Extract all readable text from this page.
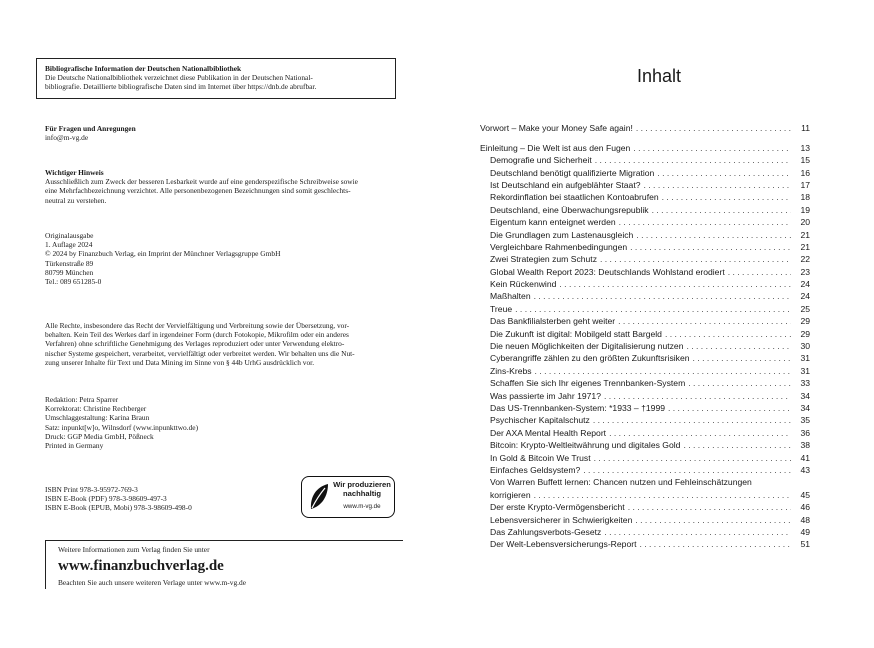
Bibliografische Information der Deutschen Nationalbibliothek
Die Deutsche Nationalbibliothek verzeichnet diese Publikation in der Deutschen National-
bibliografie. Detaillierte bibliografische Daten sind im Internet über https://dnb.de abrufbar.
Für Fragen und Anregungen
info@m-vg.de
Wichtiger Hinweis
Ausschließlich zum Zweck der besseren Lesbarkeit wurde auf eine genderspezifische Schreibweise sowie
eine Mehrfachbezeichnung verzichtet. Alle personenbezogenen Bezeichnungen sind somit geschlechts-
neutral zu verstehen.
Originalausgabe
1. Auflage 2024
© 2024 by Finanzbuch Verlag, ein Imprint der Münchner Verlagsgruppe GmbH
Türkenstraße 89
80799 München
Tel.: 089 651285-0
Alle Rechte, insbesondere das Recht der Vervielfältigung und Verbreitung sowie der Übersetzung, vor-
behalten. Kein Teil des Werkes darf in irgendeiner Form (durch Fotokopie, Mikrofilm oder ein anderes
Verfahren) ohne schriftliche Genehmigung des Verlages reproduziert oder unter Verwendung elektro-
nischer Systeme gespeichert, verarbeitet, vervielfältigt oder verbreitet werden. Wir behalten uns die Nut-
zung unserer Inhalte für Text und Data Mining im Sinne von § 44b UrhG ausdrücklich vor.
Redaktion: Petra Sparrer
Korrektorat: Christine Rechberger
Umschlaggestaltung: Karina Braun
Satz: inpunkt[w]o, Wilnsdorf (www.inpunkttwo.de)
Druck: GGP Media GmbH, Pößneck
Printed in Germany
ISBN Print 978-3-95972-769-3
ISBN E-Book (PDF) 978-3-98609-497-3
ISBN E-Book (EPUB, Mobi) 978-3-98609-498-0
Wir produzieren
nachhaltig
www.m-vg.de
Weitere Informationen zum Verlag finden Sie unter
www.finanzbuchverlag.de
Beachten Sie auch unsere weiteren Verlage unter www.m-vg.de
Inhalt
Vorwort – Make your Money Safe again! . . .	11
Einleitung – Die Welt ist aus den Fugen . . .	13
Demografie und Sicherheit . . .	15
Deutschland benötigt qualifizierte Migration . . .	16
Ist Deutschland ein aufgeblähter Staat? . . .	17
Rekordinflation bei staatlichen Kontoabrufen . . .	18
Deutschland, eine Überwachungsrepublik . . .	19
Eigentum kann enteignet werden . . .	20
Die Grundlagen zum Lastenausgleich . . .	21
Vergleichbare Rahmenbedingungen . . .	21
Zwei Strategien zum Schutz . . .	22
Global Wealth Report 2023: Deutschlands Wohlstand erodiert . . .	23
Kein Rückenwind . . .	24
Maßhalten . . .	24
Treue . . .	25
Das Bankfilialsterben geht weiter . . .	29
Die Zukunft ist digital: Mobilgeld statt Bargeld . . .	29
Die neuen Möglichkeiten der Digitalisierung nutzen . . .	30
Cyberangriffe zählen zu den größten Zukunftsrisiken . . .	31
Zins-Krebs . . .	31
Schaffen Sie sich Ihr eigenes Trennbanken-System . . .	33
Was passierte im Jahr 1971? . . .	34
Das US-Trennbanken-System: *1933 – †1999 . . .	34
Psychischer Kapitalschutz . . .	35
Der AXA Mental Health Report . . .	36
Bitcoin: Krypto-Weltleitwährung und digitales Gold . . .	38
In Gold & Bitcoin We Trust . . .	41
Einfaches Geldsystem? . . .	43
Von Warren Buffett lernen: Chancen nutzen und Fehleinschätzungen
korrigieren . . .	45
Der erste Krypto-Vermögensbericht . . .	46
Lebensversicherer in Schwierigkeiten . . .	48
Das Zahlungsverbots-Gesetz . . .	49
Der Welt-Lebensversicherungs-Report . . .	51
